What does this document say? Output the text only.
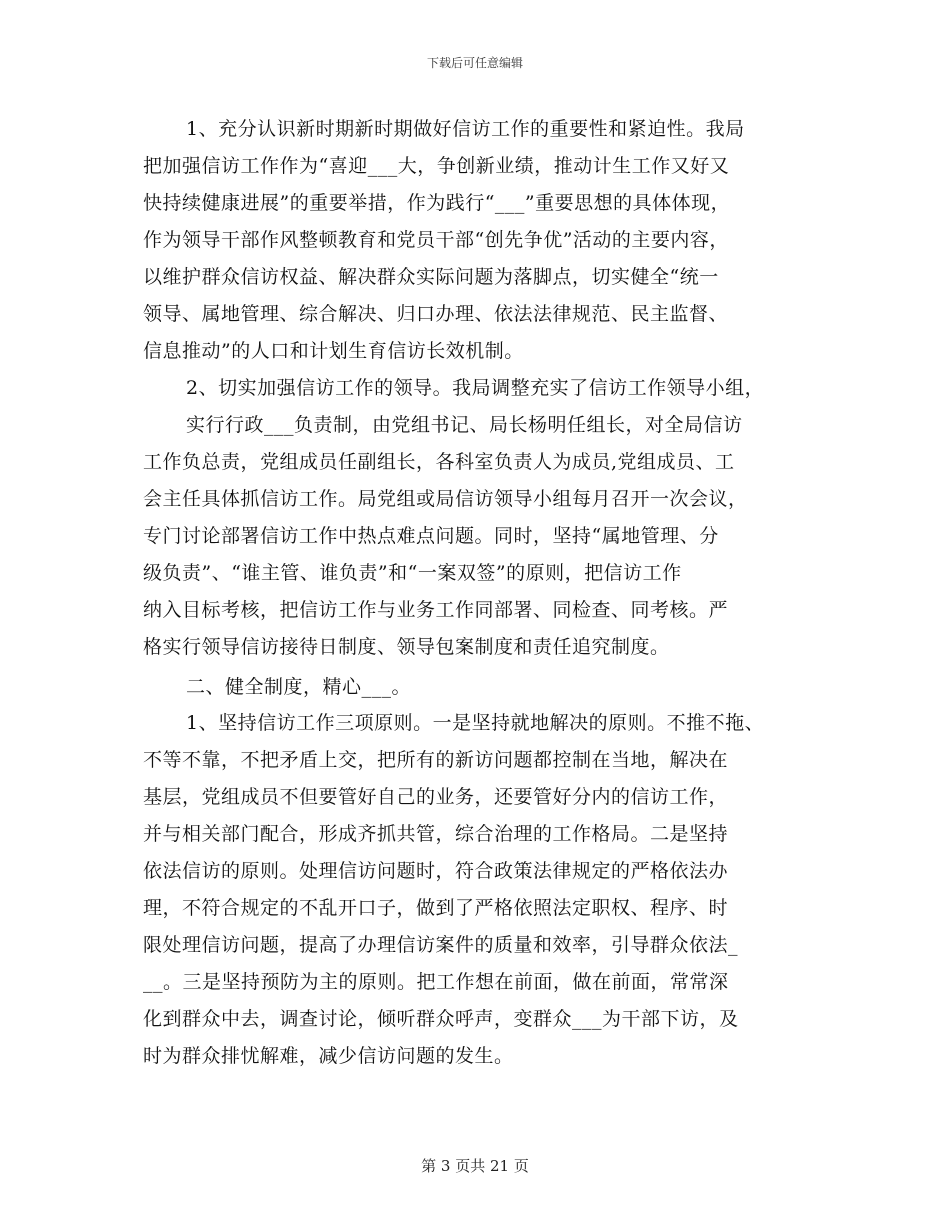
下载后可任意编辑
1、充分认识新时期新时期做好信访工作的重要性和紧迫性。我局
把加强信访工作作为“喜迎___大，争创新业绩，推动计生工作又好又
快持续健康进展”的重要举措，作为践行“___”重要思想的具体体现，
作为领导干部作风整顿教育和党员干部“创先争优”活动的主要内容，
以维护群众信访权益、解决群众实际问题为落脚点，切实健全“统一
领导、属地管理、综合解决、归口办理、依法法律规范、民主监督、
信息推动”的人口和计划生育信访长效机制。
2、切实加强信访工作的领导。我局调整充实了信访工作领导小组，
实行行政___负责制，由党组书记、局长杨明任组长，对全局信访
工作负总责，党组成员任副组长，各科室负责人为成员,党组成员、工
会主任具体抓信访工作。局党组或局信访领导小组每月召开一次会议，
专门讨论部署信访工作中热点难点问题。同时，坚持“属地管理、分
级负责”、“谁主管、谁负责”和“一案双签”的原则，把信访工作
纳入目标考核，把信访工作与业务工作同部署、同检查、同考核。严
格实行领导信访接待日制度、领导包案制度和责任追究制度。
二、健全制度，精心___。
1、坚持信访工作三项原则。一是坚持就地解决的原则。不推不拖、
不等不靠，不把矛盾上交，把所有的新访问题都控制在当地，解决在
基层，党组成员不但要管好自己的业务，还要管好分内的信访工作，
并与相关部门配合，形成齐抓共管，综合治理的工作格局。二是坚持
依法信访的原则。处理信访问题时，符合政策法律规定的严格依法办
理，不符合规定的不乱开口子，做到了严格依照法定职权、程序、时
限处理信访问题，提高了办理信访案件的质量和效率，引导群众依法_
__。三是坚持预防为主的原则。把工作想在前面，做在前面，常常深
化到群众中去，调查讨论，倾听群众呼声，变群众___为干部下访，及
时为群众排忧解难，减少信访问题的发生。
第 3 页共 21 页
